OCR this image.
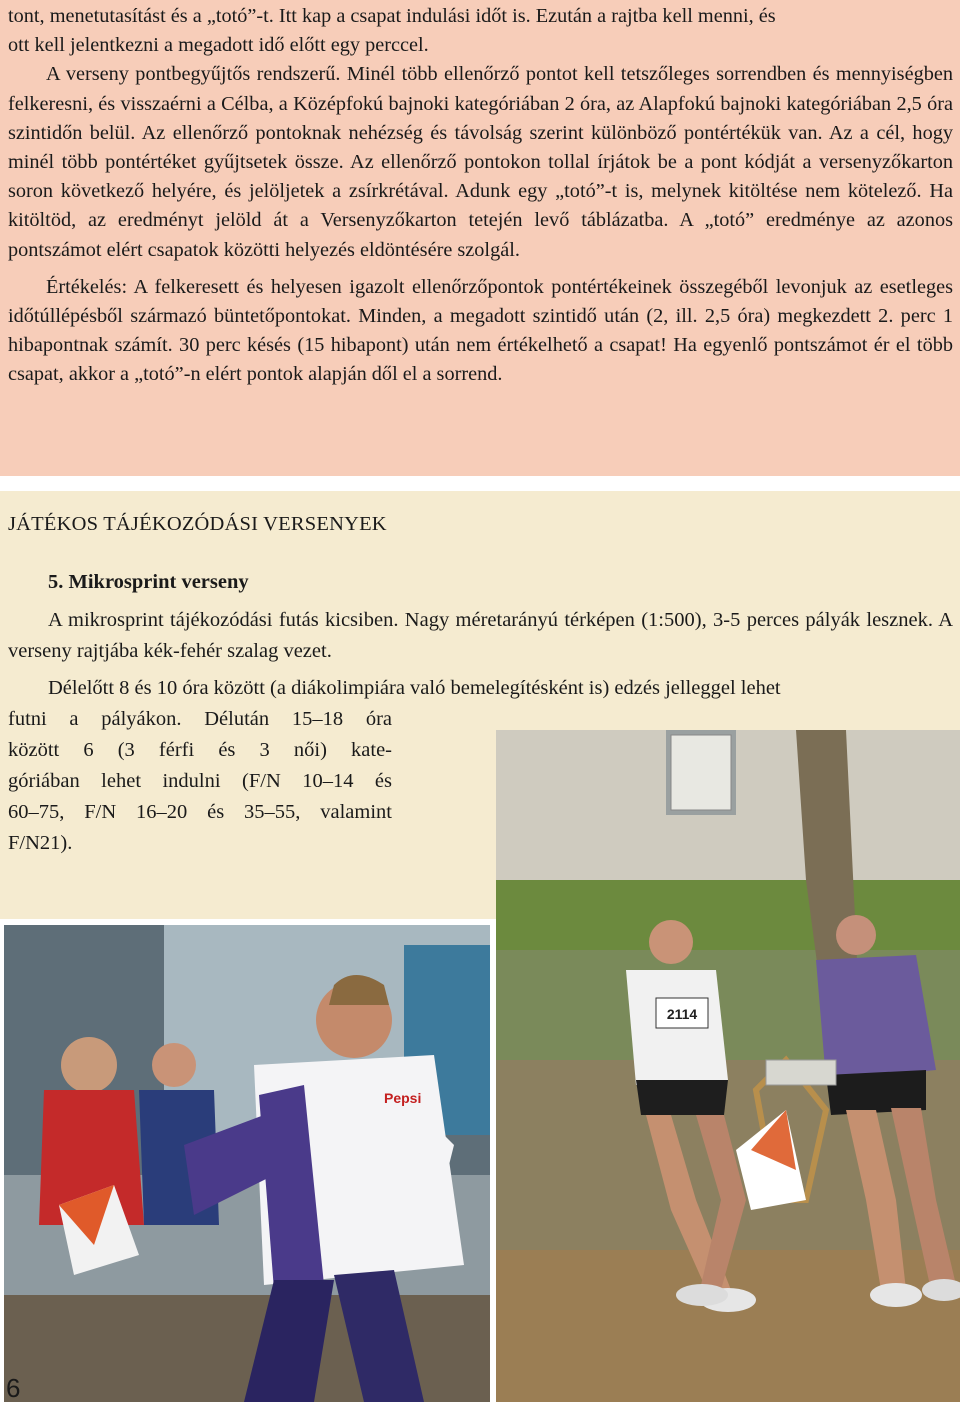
tont, menetutasítást és a „totó”-t. Itt kap a csapat indulási időt is. Ezután a rajtba kell menni, és

ott kell jelentkezni a megadott idő előtt egy perccel.

A verseny pontbegyűjtős rendszerű. Minél több ellenőrző pontot kell tetszőleges sorrendben és mennyiségben felkeresni, és visszaérni a Célba, a Középfokú bajnoki kategóriában 2 óra, az Alapfokú bajnoki kategóriában 2,5 óra szintidőn belül. Az ellenőrző pontoknak nehézség és távolság szerint különböző pontértékük van. Az a cél, hogy minél több pontértéket gyűjtsetek össze. Az ellenőrző pontokon tollal írjátok be a pont kódját a versenyzőkarton soron következő helyére, és jelöljetek a zsírkrétával. Adunk egy „totó”-t is, melynek kitöltése nem kötelező. Ha kitöltöd, az eredményt jelöld át a Versenyzőkarton tetején levő táblázatba. A „totó” eredménye az azonos pontszámot elért csapatok közötti helyezés eldöntésére szolgál.

Értékelés: A felkeresett és helyesen igazolt ellenőrzőpontok pontértékeinek összegéből levonjuk az esetleges időtúllépésből származó büntetőpontokat. Minden, a megadott szintidő után (2, ill. 2,5 óra) megkezdett 2. perc 1 hibapontnak számít. 30 perc késés (15 hibapont) után nem értékelhető a csapat! Ha egyenlő pontszámot ér el több csapat, akkor a „totó”-n elért pontok alapján dől el a sorrend.

JÁTÉKOS TÁJÉKOZÓDÁSI VERSENYEK
5. Mikrosprint verseny

A mikrosprint tájékozódási futás kicsiben. Nagy méretarányú térképen (1:500), 3-5 perces pályák lesznek. A verseny rajtjába kék-fehér szalag vezet.

Délelőtt 8 és 10 óra között (a diákolimpiára való bemelegítésként is) edzés jelleggel lehet

futni a pályákon. Délután 15–18 óra
között 6 (3 férfi és 3 női) kate-
góriában lehet indulni (F/N 10–14 és
60–75, F/N 16–20 és 35–55, valamint
F/N21).
2114
Pepsi

6
